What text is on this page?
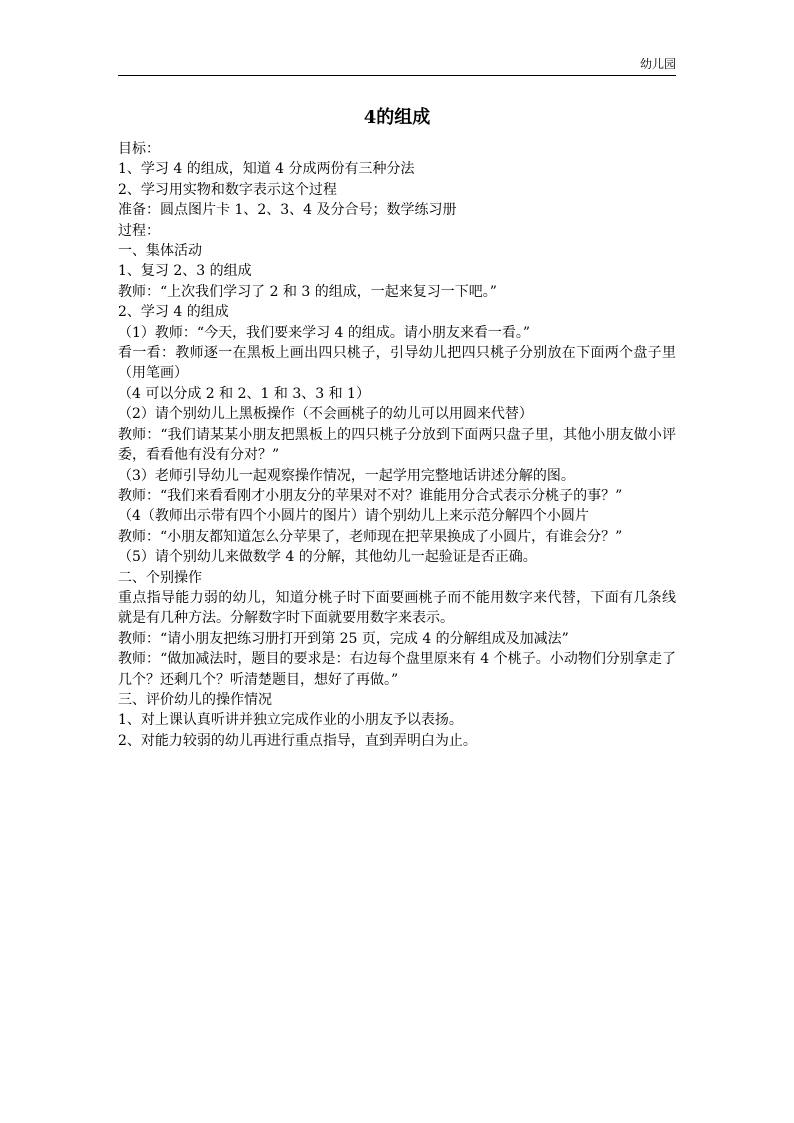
幼儿园
4的组成

目标：

1、学习 4 的组成，知道 4 分成两份有三种分法

2、学习用实物和数字表示这个过程

准备：圆点图片卡 1、2、3、4 及分合号；数学练习册

过程：

一、集体活动

1、复习 2、3 的组成

教师：“上次我们学习了 2 和 3 的组成，一起来复习一下吧。”

2、学习 4 的组成

（1）教师：“今天，我们要来学习 4 的组成。请小朋友来看一看。”

看一看：教师逐一在黑板上画出四只桃子，引导幼儿把四只桃子分别放在下面两个盘子里（用笔画）

（4 可以分成 2 和 2、1 和 3、3 和 1）

（2）请个别幼儿上黑板操作（不会画桃子的幼儿可以用圆来代替）

教师：“我们请某某小朋友把黑板上的四只桃子分放到下面两只盘子里，其他小朋友做小评委，看看他有没有分对？”

（3）老师引导幼儿一起观察操作情况，一起学用完整地话讲述分解的图。

教师：“我们来看看刚才小朋友分的苹果对不对？谁能用分合式表示分桃子的事？”

（4（教师出示带有四个小圆片的图片）请个别幼儿上来示范分解四个小圆片

教师：“小朋友都知道怎么分苹果了，老师现在把苹果换成了小圆片，有谁会分？”

（5）请个别幼儿来做数学 4 的分解，其他幼儿一起验证是否正确。

二、个别操作

重点指导能力弱的幼儿，知道分桃子时下面要画桃子而不能用数字来代替，下面有几条线就是有几种方法。分解数字时下面就要用数字来表示。

教师：“请小朋友把练习册打开到第 25 页，完成 4 的分解组成及加减法”

教师：“做加减法时，题目的要求是：右边每个盘里原来有 4 个桃子。小动物们分别拿走了几个？还剩几个？听清楚题目，想好了再做。”

三、评价幼儿的操作情况

1、对上课认真听讲并独立完成作业的小朋友予以表扬。

2、对能力较弱的幼儿再进行重点指导，直到弄明白为止。
